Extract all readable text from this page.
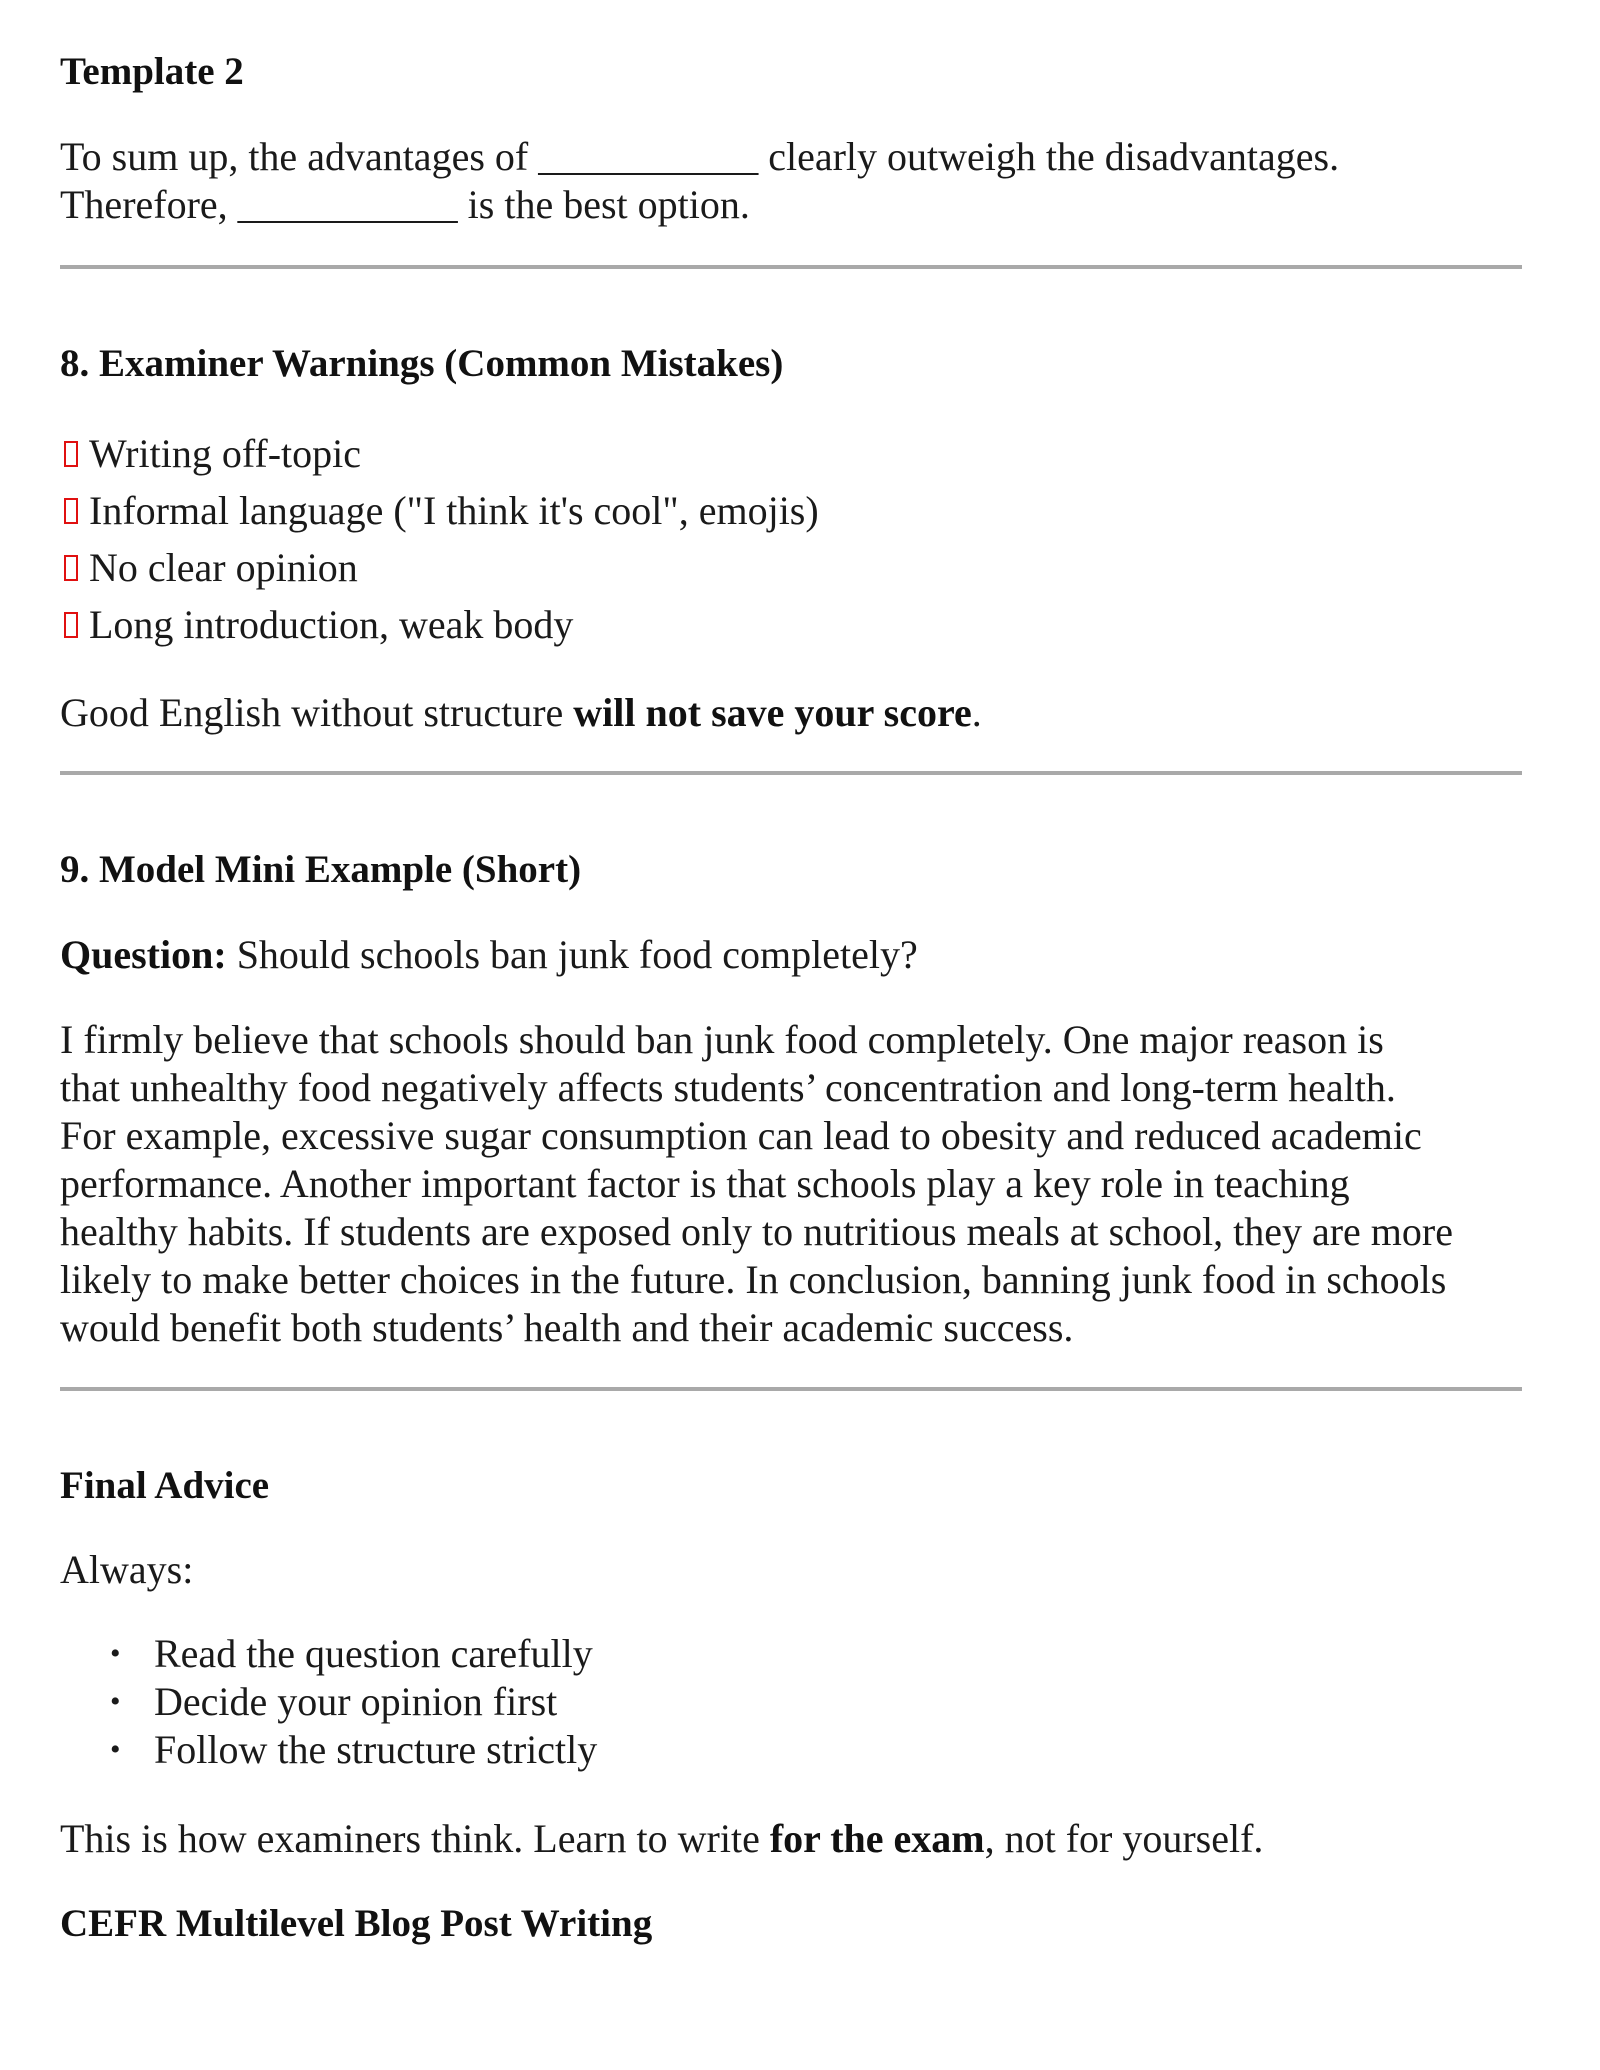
Template 2

To sum up, the advantages of ___________ clearly outweigh the disadvantages.

Therefore, ___________ is the best option.

8. Examiner Warnings (Common Mistakes)
Writing off-topic
Informal language ("I think it's cool", emojis)
No clear opinion
Long introduction, weak body

Good English without structure will not save your score.

9. Model Mini Example (Short)

Question: Should schools ban junk food completely?

I firmly believe that schools should ban junk food completely. One major reason is

that unhealthy food negatively affects students’ concentration and long-term health.

For example, excessive sugar consumption can lead to obesity and reduced academic

performance. Another important factor is that schools play a key role in teaching

healthy habits. If students are exposed only to nutritious meals at school, they are more

likely to make better choices in the future. In conclusion, banning junk food in schools

would benefit both students’ health and their academic success.

Final Advice

Always:

• Read the question carefully
• Decide your opinion first
• Follow the structure strictly

This is how examiners think. Learn to write for the exam, not for yourself.

CEFR Multilevel Blog Post Writing
